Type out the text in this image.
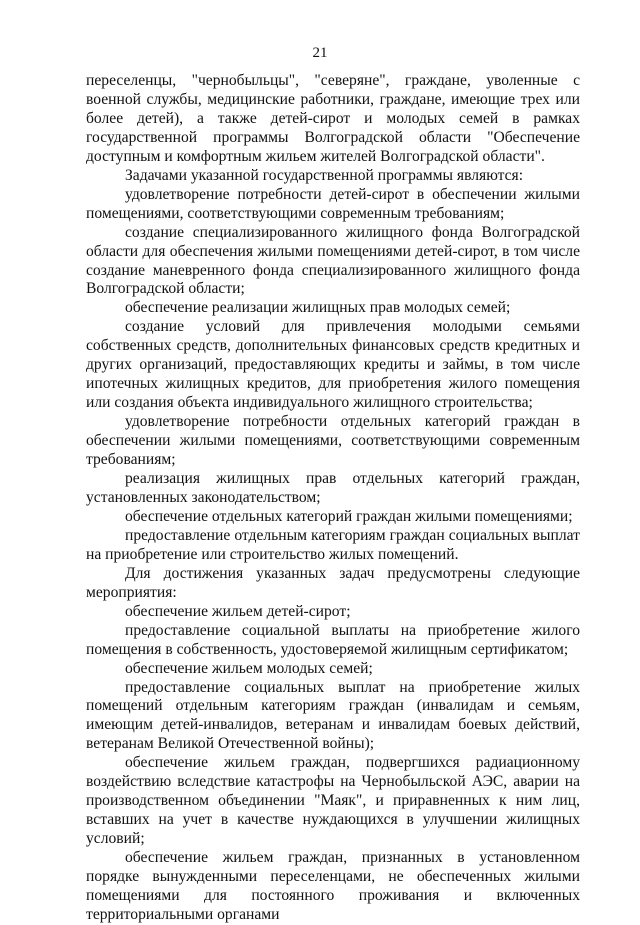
21

переселенцы, "чернобыльцы", "северяне", граждане, уволенные с военной службы, медицинские работники, граждане, имеющие трех или более детей), а также детей-сирот и молодых семей в рамках государственной программы Волгоградской области "Обеспечение доступным и комфортным жильем жителей Волгоградской области".

Задачами указанной государственной программы являются:

удовлетворение потребности детей-сирот в обеспечении жилыми помещениями, соответствующими современным требованиям;

создание специализированного жилищного фонда Волгоградской области для обеспечения жилыми помещениями детей-сирот, в том числе создание маневренного фонда специализированного жилищного фонда Волгоградской области;

обеспечение реализации жилищных прав молодых семей;

создание условий для привлечения молодыми семьями собственных средств, дополнительных финансовых средств кредитных и других организаций, предоставляющих кредиты и займы, в том числе ипотечных жилищных кредитов, для приобретения жилого помещения или создания объекта индивидуального жилищного строительства;

удовлетворение потребности отдельных категорий граждан в обеспечении жилыми помещениями, соответствующими современным требованиям;

реализация жилищных прав отдельных категорий граждан, установленных законодательством;

обеспечение отдельных категорий граждан жилыми помещениями;

предоставление отдельным категориям граждан социальных выплат на приобретение или строительство жилых помещений.

Для достижения указанных задач предусмотрены следующие мероприятия:

обеспечение жильем детей-сирот;

предоставление социальной выплаты на приобретение жилого помещения в собственность, удостоверяемой жилищным сертификатом;

обеспечение жильем молодых семей;

предоставление социальных выплат на приобретение жилых помещений отдельным категориям граждан (инвалидам и семьям, имеющим детей-инвалидов, ветеранам и инвалидам боевых действий, ветеранам Великой Отечественной войны);

обеспечение жильем граждан, подвергшихся радиационному воздействию вследствие катастрофы на Чернобыльской АЭС, аварии на производственном объединении "Маяк", и приравненных к ним лиц, вставших на учет в качестве нуждающихся в улучшении жилищных условий;

обеспечение жильем граждан, признанных в установленном порядке вынужденными переселенцами, не обеспеченных жилыми помещениями для постоянного проживания и включенных территориальными органами
